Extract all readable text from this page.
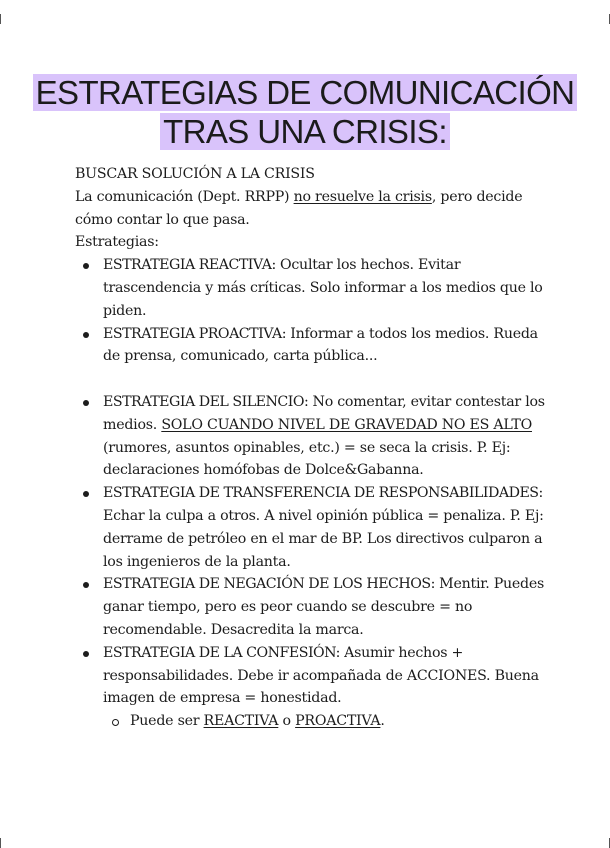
ESTRATEGIAS DE COMUNICACIÓN
TRAS UNA CRISIS:

BUSCAR SOLUCIÓN A LA CRISIS

La comunicación (Dept. RRPP) no resuelve la crisis, pero decide cómo contar lo que pasa.

Estrategias:

ESTRATEGIA REACTIVA: Ocultar los hechos. Evitar trascendencia y más críticas. Solo informar a los medios que lo piden.
ESTRATEGIA PROACTIVA: Informar a todos los medios. Rueda de prensa, comunicado, carta pública...
ESTRATEGIA DEL SILENCIO: No comentar, evitar contestar los medios. SOLO CUANDO NIVEL DE GRAVEDAD NO ES ALTO (rumores, asuntos opinables, etc.) = se seca la crisis. P. Ej: declaraciones homófobas de Dolce&Gabanna.
ESTRATEGIA DE TRANSFERENCIA DE RESPONSABILIDADES: Echar la culpa a otros. A nivel opinión pública = penaliza. P. Ej: derrame de petróleo en el mar de BP. Los directivos culparon a los ingenieros de la planta.
ESTRATEGIA DE NEGACIÓN DE LOS HECHOS: Mentir. Puedes ganar tiempo, pero es peor cuando se descubre = no recomendable. Desacredita la marca.
ESTRATEGIA DE LA CONFESIÓN: Asumir hechos + responsabilidades. Debe ir acompañada de ACCIONES. Buena imagen de empresa = honestidad.
Puede ser REACTIVA o PROACTIVA.
